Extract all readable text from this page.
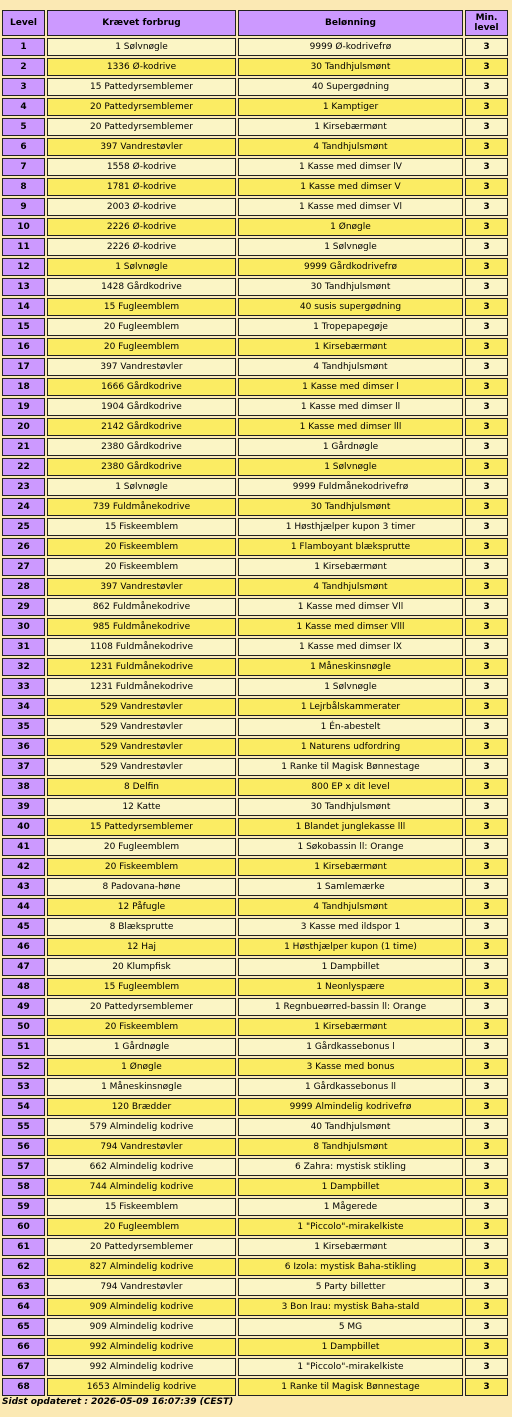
Level	Krævet forbrug	Belønning	Min. level
1	1 Sølvnøgle	9999 Ø-kodrivefrø	3
2	1336 Ø-kodrive	30 Tandhjulsmønt	3
3	15 Pattedyrsemblemer	40 Supergødning	3
4	20 Pattedyrsemblemer	1 Kamptiger	3
5	20 Pattedyrsemblemer	1 Kirsebærmønt	3
6	397 Vandrestøvler	4 Tandhjulsmønt	3
7	1558 Ø-kodrive	1 Kasse med dimser lV	3
8	1781 Ø-kodrive	1 Kasse med dimser V	3
9	2003 Ø-kodrive	1 Kasse med dimser Vl	3
10	2226 Ø-kodrive	1 Ønøgle	3
11	2226 Ø-kodrive	1 Sølvnøgle	3
12	1 Sølvnøgle	9999 Gårdkodrivefrø	3
13	1428 Gårdkodrive	30 Tandhjulsmønt	3
14	15 Fugleemblem	40 susis supergødning	3
15	20 Fugleemblem	1 Tropepapegøje	3
16	20 Fugleemblem	1 Kirsebærmønt	3
17	397 Vandrestøvler	4 Tandhjulsmønt	3
18	1666 Gårdkodrive	1 Kasse med dimser l	3
19	1904 Gårdkodrive	1 Kasse med dimser ll	3
20	2142 Gårdkodrive	1 Kasse med dimser lll	3
21	2380 Gårdkodrive	1 Gårdnøgle	3
22	2380 Gårdkodrive	1 Sølvnøgle	3
23	1 Sølvnøgle	9999 Fuldmånekodrivefrø	3
24	739 Fuldmånekodrive	30 Tandhjulsmønt	3
25	15 Fiskeemblem	1 Høsthjælper kupon 3 timer	3
26	20 Fiskeemblem	1 Flamboyant blæksprutte	3
27	20 Fiskeemblem	1 Kirsebærmønt	3
28	397 Vandrestøvler	4 Tandhjulsmønt	3
29	862 Fuldmånekodrive	1 Kasse med dimser Vll	3
30	985 Fuldmånekodrive	1 Kasse med dimser Vlll	3
31	1108 Fuldmånekodrive	1 Kasse med dimser lX	3
32	1231 Fuldmånekodrive	1 Måneskinsnøgle	3
33	1231 Fuldmånekodrive	1 Sølvnøgle	3
34	529 Vandrestøvler	1 Lejrbålskammerater	3
35	529 Vandrestøvler	1 Én-abestelt	3
36	529 Vandrestøvler	1 Naturens udfordring	3
37	529 Vandrestøvler	1 Ranke til Magisk Bønnestage	3
38	8 Delfin	800 EP x dit level	3
39	12 Katte	30 Tandhjulsmønt	3
40	15 Pattedyrsemblemer	1 Blandet junglekasse lll	3
41	20 Fugleemblem	1 Søkobassin ll: Orange	3
42	20 Fiskeemblem	1 Kirsebærmønt	3
43	8 Padovana-høne	1 Samlemærke	3
44	12 Påfugle	4 Tandhjulsmønt	3
45	8 Blæksprutte	3 Kasse med ildspor 1	3
46	12 Haj	1 Høsthjælper kupon (1 time)	3
47	20 Klumpfisk	1 Dampbillet	3
48	15 Fugleemblem	1 Neonlyspære	3
49	20 Pattedyrsemblemer	1 Regnbueørred-bassin ll: Orange	3
50	20 Fiskeemblem	1 Kirsebærmønt	3
51	1 Gårdnøgle	1 Gårdkassebonus l	3
52	1 Ønøgle	3 Kasse med bonus	3
53	1 Måneskinsnøgle	1 Gårdkassebonus ll	3
54	120 Brædder	9999 Almindelig kodrivefrø	3
55	579 Almindelig kodrive	40 Tandhjulsmønt	3
56	794 Vandrestøvler	8 Tandhjulsmønt	3
57	662 Almindelig kodrive	6 Zahra: mystisk stikling	3
58	744 Almindelig kodrive	1 Dampbillet	3
59	15 Fiskeemblem	1 Mågerede	3
60	20 Fugleemblem	1 "Piccolo"-mirakelkiste	3
61	20 Pattedyrsemblemer	1 Kirsebærmønt	3
62	827 Almindelig kodrive	6 Izola: mystisk Baha-stikling	3
63	794 Vandrestøvler	5 Party billetter	3
64	909 Almindelig kodrive	3 Bon lrau: mystisk Baha-stald	3
65	909 Almindelig kodrive	5 MG	3
66	992 Almindelig kodrive	1 Dampbillet	3
67	992 Almindelig kodrive	1 "Piccolo"-mirakelkiste	3
68	1653 Almindelig kodrive	1 Ranke til Magisk Bønnestage	3
Sidst opdateret : 2026-05-09 16:07:39 (CEST)
